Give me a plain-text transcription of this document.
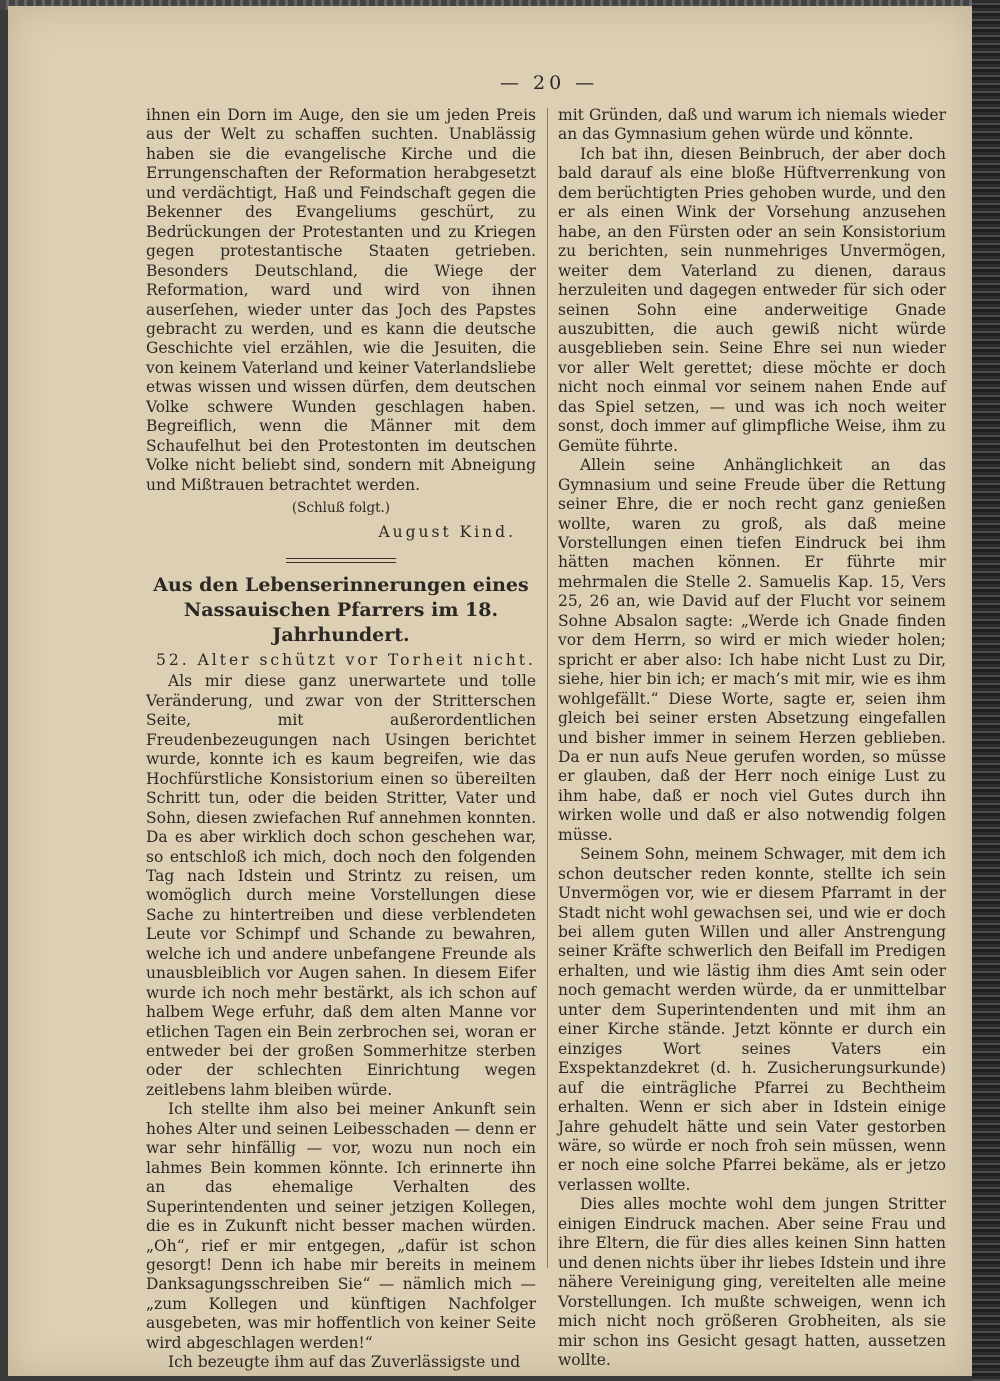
— 20 —

ihnen ein Dorn im Auge, den sie um jeden Preis aus der Welt zu schaffen suchten. Unablässig haben sie die evangelische Kirche und die Errungenschaften der Reformation herabgesetzt und verdächtigt, Haß und Feindschaft gegen die Bekenner des Evangeliums geschürt, zu Bedrückungen der Protestanten und zu Kriegen gegen protestantische Staaten getrieben. Besonders Deutschland, die Wiege der Reformation, ward und wird von ihnen auserſehen, wieder unter das Joch des Papstes gebracht zu werden, und es kann die deutsche Geschichte viel erzählen, wie die Jesuiten, die von keinem Vaterland und keiner Vaterlandsliebe etwas wissen und wissen dürfen, dem deutschen Volke schwere Wunden geschlagen haben. Begreiflich, wenn die Männer mit dem Schaufelhut bei den Protestonten im deutschen Volke nicht beliebt sind, sondern mit Abneigung und Mißtrauen betrachtet werden.

(Schluß folgt.)

August Kind.

Aus den Lebenserinnerungen eines Nassauischen Pfarrers im 18. Jahrhundert.

52. Alter schützt vor Torheit nicht.

Als mir diese ganz unerwartete und tolle Veränderung, und zwar von der Stritterschen Seite, mit außerordentlichen Freudenbezeugungen nach Usingen berichtet wurde, konnte ich es kaum begreifen, wie das Hochfürstliche Konsistorium einen so übereilten Schritt tun, oder die beiden Stritter, Vater und Sohn, diesen zwiefachen Ruf annehmen konnten. Da es aber wirklich doch schon geschehen war, so entschloß ich mich, doch noch den folgenden Tag nach Idstein und Strintz zu reisen, um womöglich durch meine Vorstellungen diese Sache zu hintertreiben und diese verblendeten Leute vor Schimpf und Schande zu bewahren, welche ich und andere unbefangene Freunde als unausbleiblich vor Augen sahen. In diesem Eifer wurde ich noch mehr bestärkt, als ich schon auf halbem Wege erfuhr, daß dem alten Manne vor etlichen Tagen ein Bein zerbrochen sei, woran er entweder bei der großen Sommerhitze sterben oder der schlechten Einrichtung wegen zeitlebens lahm bleiben würde.

Ich stellte ihm also bei meiner Ankunft sein hohes Alter und seinen Leibesschaden — denn er war sehr hinfällig — vor, wozu nun noch ein lahmes Bein kommen könnte. Ich erinnerte ihn an das ehemalige Verhalten des Superintendenten und seiner jetzigen Kollegen, die es in Zukunft nicht besser machen würden. „Oh“, rief er mir entgegen, „dafür ist schon gesorgt! Denn ich habe mir bereits in meinem Danksagungsschreiben Sie“ — nämlich mich — „zum Kollegen und künftigen Nachfolger ausgebeten, was mir hoffentlich von keiner Seite wird abgeschlagen werden!“

Ich bezeugte ihm auf das Zuverlässigste und

mit Gründen, daß und warum ich niemals wieder an das Gymnasium gehen würde und könnte.

Ich bat ihn, diesen Beinbruch, der aber doch bald darauf als eine bloße Hüftverrenkung von dem berüchtigten Pries gehoben wurde, und den er als einen Wink der Vorsehung anzusehen habe, an den Fürsten oder an sein Konsistorium zu berichten, sein nunmehriges Unvermögen, weiter dem Vaterland zu dienen, daraus herzuleiten und dagegen entweder für sich oder seinen Sohn eine anderweitige Gnade auszubitten, die auch gewiß nicht würde ausgeblieben sein. Seine Ehre sei nun wieder vor aller Welt gerettet; diese möchte er doch nicht noch einmal vor seinem nahen Ende auf das Spiel setzen, — und was ich noch weiter sonst, doch immer auf glimpfliche Weise, ihm zu Gemüte führte.

Allein seine Anhänglichkeit an das Gymnasium und seine Freude über die Rettung seiner Ehre, die er noch recht ganz genießen wollte, waren zu groß, als daß meine Vorstellungen einen tiefen Eindruck bei ihm hätten machen können. Er führte mir mehrmalen die Stelle 2. Samuelis Kap. 15, Vers 25, 26 an, wie David auf der Flucht vor seinem Sohne Absalon sagte: „Werde ich Gnade finden vor dem Herrn, so wird er mich wieder holen; spricht er aber also: Ich habe nicht Lust zu Dir, siehe, hier bin ich; er mach’s mit mir, wie es ihm wohlgefällt.“ Diese Worte, sagte er, seien ihm gleich bei seiner ersten Absetzung eingefallen und bisher immer in seinem Herzen geblieben. Da er nun aufs Neue gerufen worden, so müsse er glauben, daß der Herr noch einige Lust zu ihm habe, daß er noch viel Gutes durch ihn wirken wolle und daß er also notwendig folgen müsse.

Seinem Sohn, meinem Schwager, mit dem ich schon deutscher reden konnte, stellte ich sein Unvermögen vor, wie er diesem Pfarramt in der Stadt nicht wohl gewachsen sei, und wie er doch bei allem guten Willen und aller Anstrengung seiner Kräfte schwerlich den Beifall im Predigen erhalten, und wie lästig ihm dies Amt sein oder noch gemacht werden würde, da er unmittelbar unter dem Superintendenten und mit ihm an einer Kirche stände. Jetzt könnte er durch ein einziges Wort seines Vaters ein Exspektanzdekret (d. h. Zusicherungsurkunde) auf die einträgliche Pfarrei zu Bechtheim erhalten. Wenn er sich aber in Idstein einige Jahre gehudelt hätte und sein Vater gestorben wäre, so würde er noch froh sein müssen, wenn er noch eine solche Pfarrei bekäme, als er jetzo verlassen wollte.

Dies alles mochte wohl dem jungen Stritter einigen Eindruck machen. Aber seine Frau und ihre Eltern, die für dies alles keinen Sinn hatten und denen nichts über ihr liebes Idstein und ihre nähere Vereinigung ging, vereitelten alle meine Vorstellungen. Ich mußte schweigen, wenn ich mich nicht noch größeren Grobheiten, als sie mir schon ins Gesicht gesagt hatten, aussetzen wollte.
